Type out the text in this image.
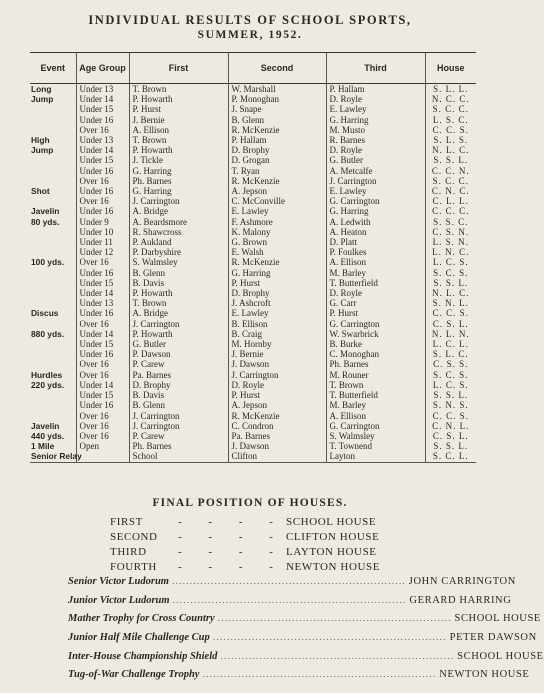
INDIVIDUAL RESULTS OF SCHOOL SPORTS,
SUMMER, 1952.
Event	Age Group	First	Second	Third	House
Long	Under 13	T. Brown	W. Marshall	P. Hallam	S. L. L.
Jump	Under 14	P. Howarth	P. Monoghan	D. Royle	N. C. C.
	Under 15	P. Hurst	J. Snape	E. Lawley	S. C. C.
	Under 16	J. Bernie	B. Glenn	G. Harring	L. S. C.
	Over 16	A. Ellison	R. McKenzie	M. Musto	C. C. S.
High	Under 13	T. Brown	P. Hallam	R. Barnes	S. L. S.
Jump	Under 14	P. Howarth	D. Brophy	D. Royle	N. L. C.
	Under 15	J. Tickle	D. Grogan	G. Butler	S. S. L.
	Under 16	G. Harring	T. Ryan	A. Metcalfe	C. C. N.
	Over 16	Ph. Barnes	R. McKenzie	J. Carrington	S. C. C.
Shot	Under 16	G. Harring	A. Jepson	E. Lawley	C. N. C.
	Over 16	J. Carrington	C. McConville	G. Carrington	C. L. L.
Javelin	Under 16	A. Bridge	E. Lawley	G. Harring	C. C. C.
80 yds.	Under 9	A. Beardsmore	F. Ashmore	A. Ledwith	S. S. C.
	Under 10	R. Shawcross	K. Malony	A. Heaton	C. S. N.
	Under 11	P. Aukland	G. Brown	D. Platt	L. S. N.
	Under 12	P. Darbyshire	E. Walsh	P. Foulkes	L. N. C.
100 yds.	Over 16	S. Walmsley	R. McKenzie	A. Ellison	L. C. S.
	Under 16	B. Glenn	G. Harring	M. Barley	S. C. S.
	Under 15	B. Davis	P. Hurst	T. Butterfield	S. S. L.
	Under 14	P. Howarth	D. Brophy	D. Royle	N. L. C.
	Under 13	T. Brown	J. Ashcroft	G. Carr	S. N. L.
Discus	Under 16	A. Bridge	E. Lawley	P. Hurst	C. C. S.
	Over 16	J. Carrington	B. Ellison	G. Carrington	C. S. L.
880 yds.	Under 14	P. Howarth	B. Craig	W. Swarbrick	N. L. N.
	Under 15	G. Butler	M. Hornby	B. Burke	L. C. L.
	Under 16	P. Dawson	J. Bernie	C. Monoghan	S. L. C.
	Over 16	P. Carew	J. Dawson	Ph. Barnes	C. S. S.
Hurdles	Over 16	Pa. Barnes	J. Carrington	M. Rouner	S. C. S.
220 yds.	Under 14	D. Brophy	D. Royle	T. Brown	L. C. S.
	Under 15	B. Davis	P. Hurst	T. Butterfield	S. S. L.
	Under 16	B. Glenn	A. Jepson	M. Barley	S. N. S.
	Over 16	J. Carrington	R. McKenzie	A. Ellison	C. C. S.
Javelin	Over 16	J. Carrington	C. Condron	G. Carrington	C. N. L.
440 yds.	Over 16	P. Carew	Pa. Barnes	S. Walmsley	C. S. L.
1 Mile	Open	Ph. Barnes	J. Dawson	T. Townend	S. S. L.
Senior Relay		School	Clifton	Layton	S. C. L.
FINAL POSITION OF HOUSES.
FIRST	- - - - SCHOOL HOUSE
SECOND	- - - - CLIFTON HOUSE
THIRD	- - - - LAYTON HOUSE
FOURTH	- - - - NEWTON HOUSE
Senior Victor Ludorum .................................................................. JOHN CARRINGTON
Junior Victor Ludorum .................................................................. GERARD HARRING
Mather Trophy for Cross Country .................................................................. SCHOOL HOUSE
Junior Half Mile Challenge Cup .................................................................. PETER DAWSON
Inter-House Championship Shield .................................................................. SCHOOL HOUSE
Tug-of-War Challenge Trophy .................................................................. NEWTON HOUSE
